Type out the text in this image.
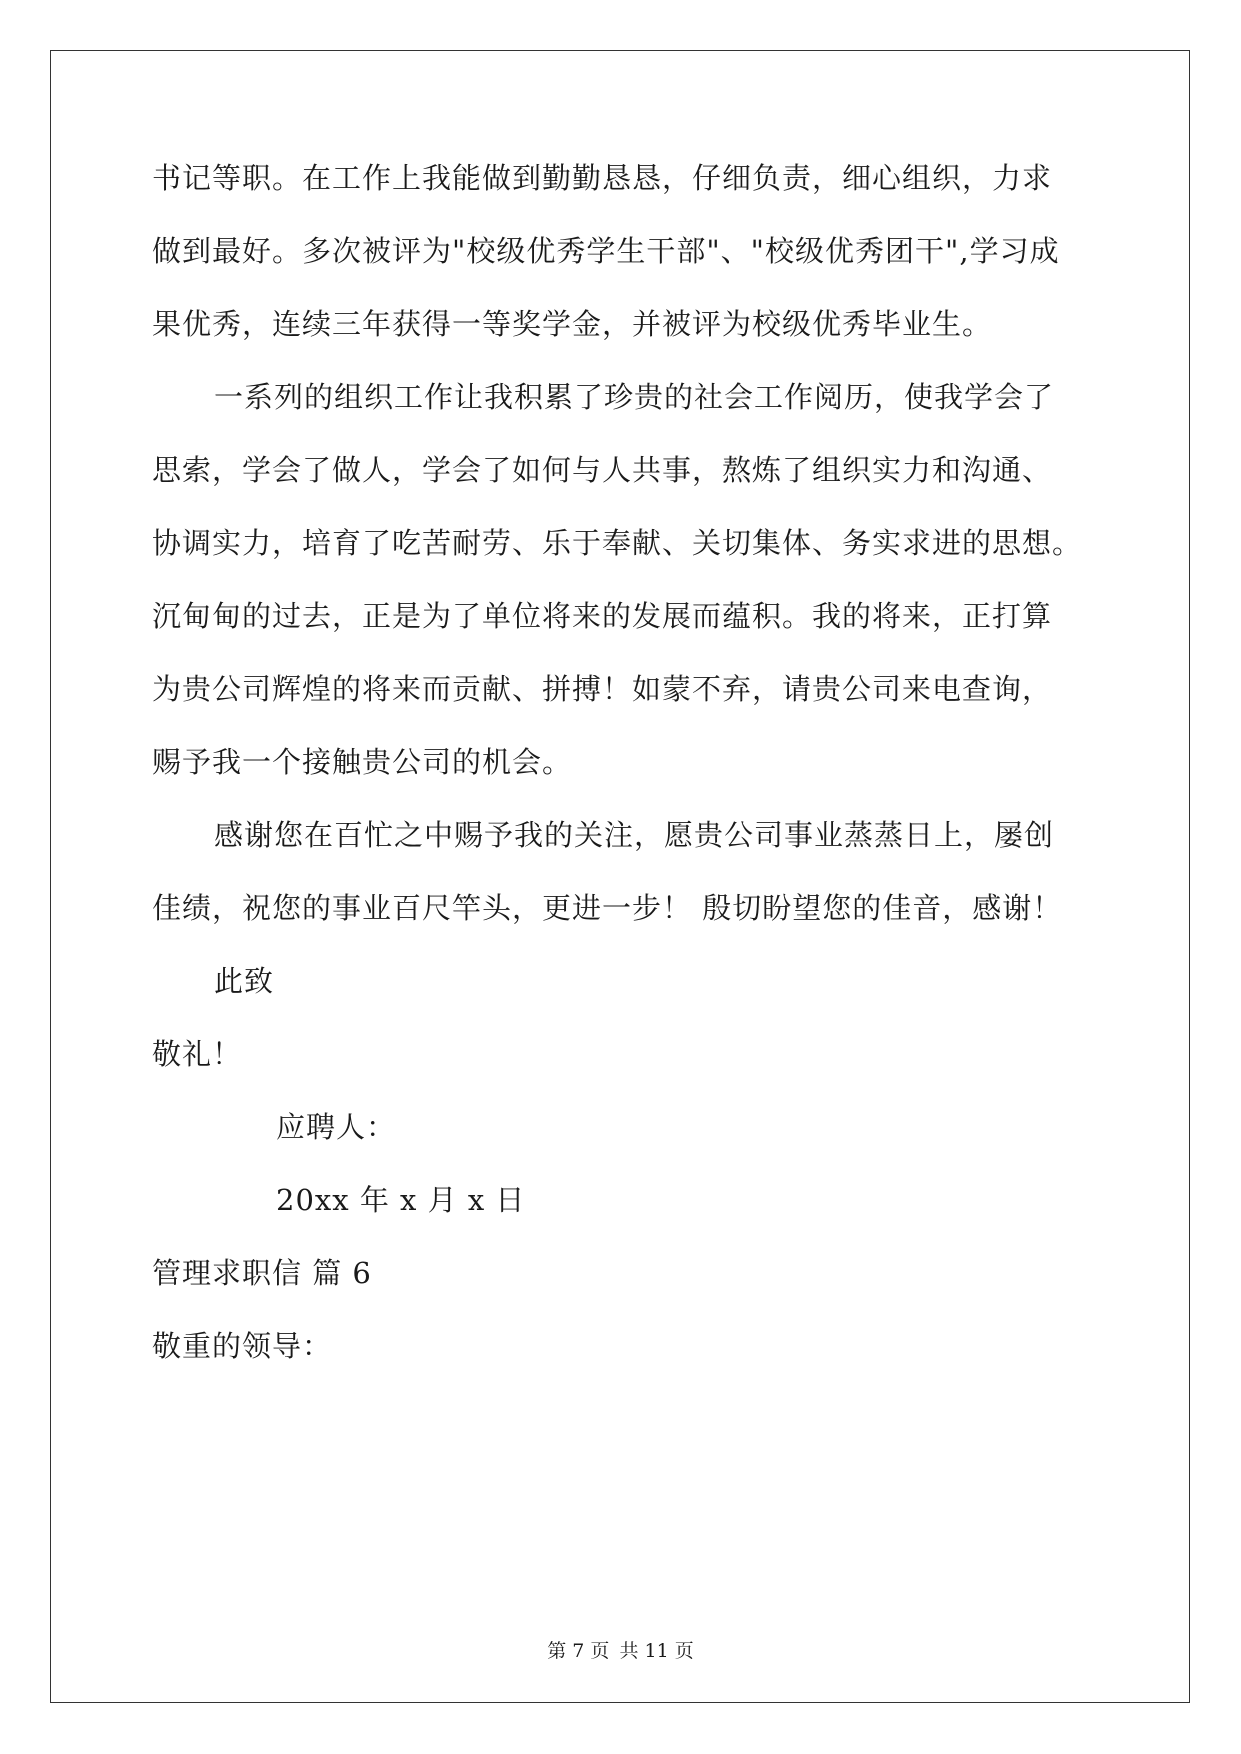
书记等职。在工作上我能做到勤勤恳恳，仔细负责，细心组织，力求
做到最好。多次被评为"校级优秀学生干部"、"校级优秀团干",学习成
果优秀，连续三年获得一等奖学金，并被评为校级优秀毕业生。
一系列的组织工作让我积累了珍贵的社会工作阅历，使我学会了
思索，学会了做人，学会了如何与人共事，熬炼了组织实力和沟通、
协调实力，培育了吃苦耐劳、乐于奉献、关切集体、务实求进的思想。
沉甸甸的过去，正是为了单位将来的发展而蕴积。我的将来，正打算
为贵公司辉煌的将来而贡献、拼搏！如蒙不弃，请贵公司来电查询，
赐予我一个接触贵公司的机会。
感谢您在百忙之中赐予我的关注，愿贵公司事业蒸蒸日上，屡创
佳绩，祝您的事业百尺竿头，更进一步！ 殷切盼望您的佳音，感谢！
此致
敬礼！
应聘人：
20xx 年 x 月 x 日
管理求职信 篇 6
敬重的领导：
第 7 页 共 11 页
